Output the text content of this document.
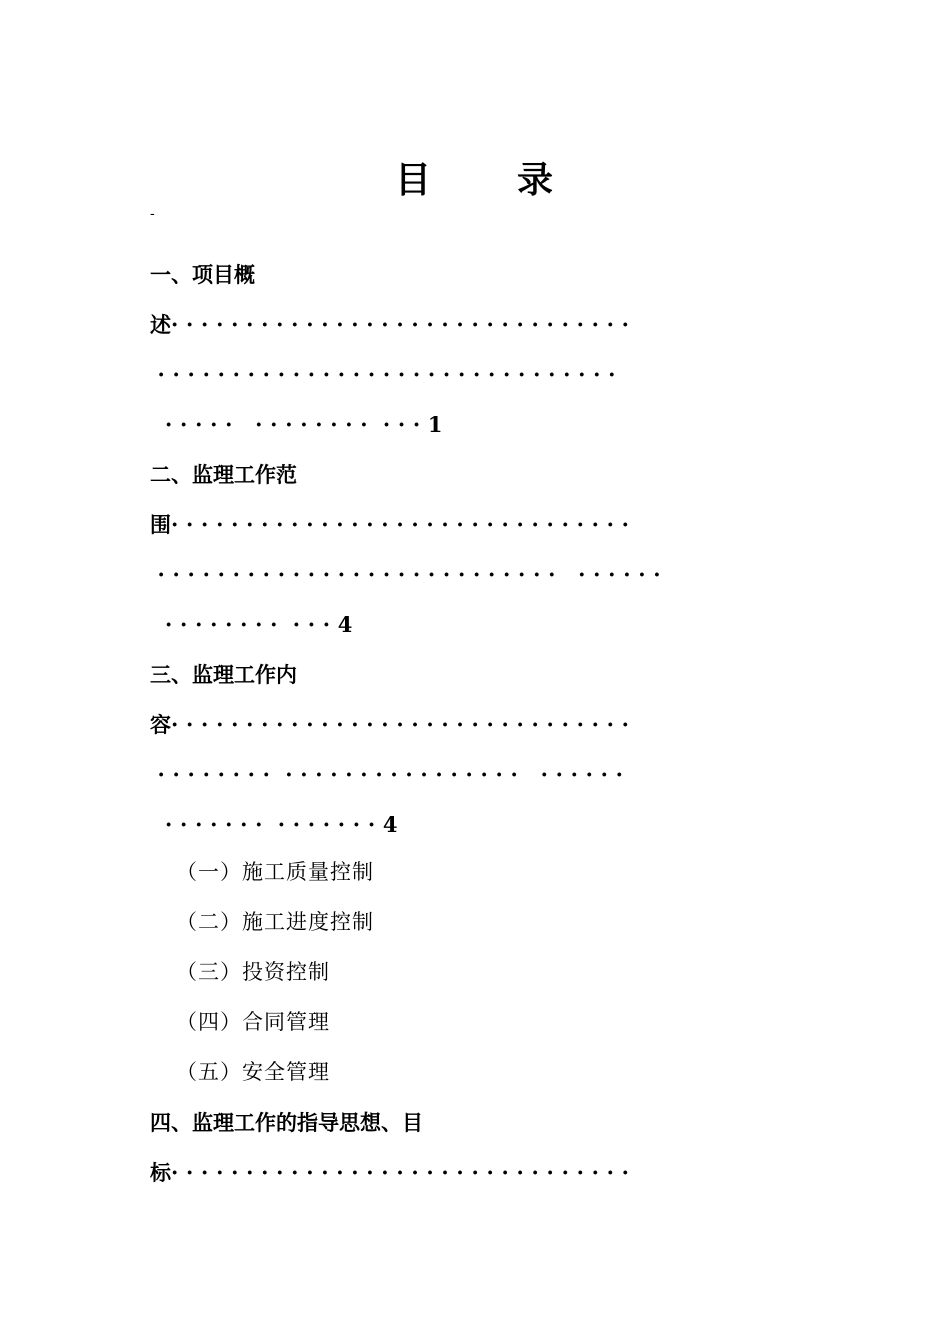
目 录
-
一、项目概
述· · · · · · · · · · · · · · · · · · · · · · · · · · · · · · ·
· · · · · · · · · · · · · · · · · · · · · · · · · · · · · · ·
· · · · ·   · · · · · · · ·  · · · 1
二、监理工作范
围· · · · · · · · · · · · · · · · · · · · · · · · · · · · · · ·
· · · · · · · · · · · · · · · · · · · · · · · · · · ·   · · · · · ·
· · · · · · · ·  · · · 4
三、监理工作内
容· · · · · · · · · · · · · · · · · · · · · · · · · · · · · · ·
· · · · · · · ·  · · · · · · · · · · · · · · · ·   · · · · · ·
· · · · · · ·  · · · · · · · 4
（一）施工质量控制
（二）施工进度控制
（三）投资控制
（四）合同管理
（五）安全管理
四、监理工作的指导思想、目
标· · · · · · · · · · · · · · · · · · · · · · · · · · · · · · ·
